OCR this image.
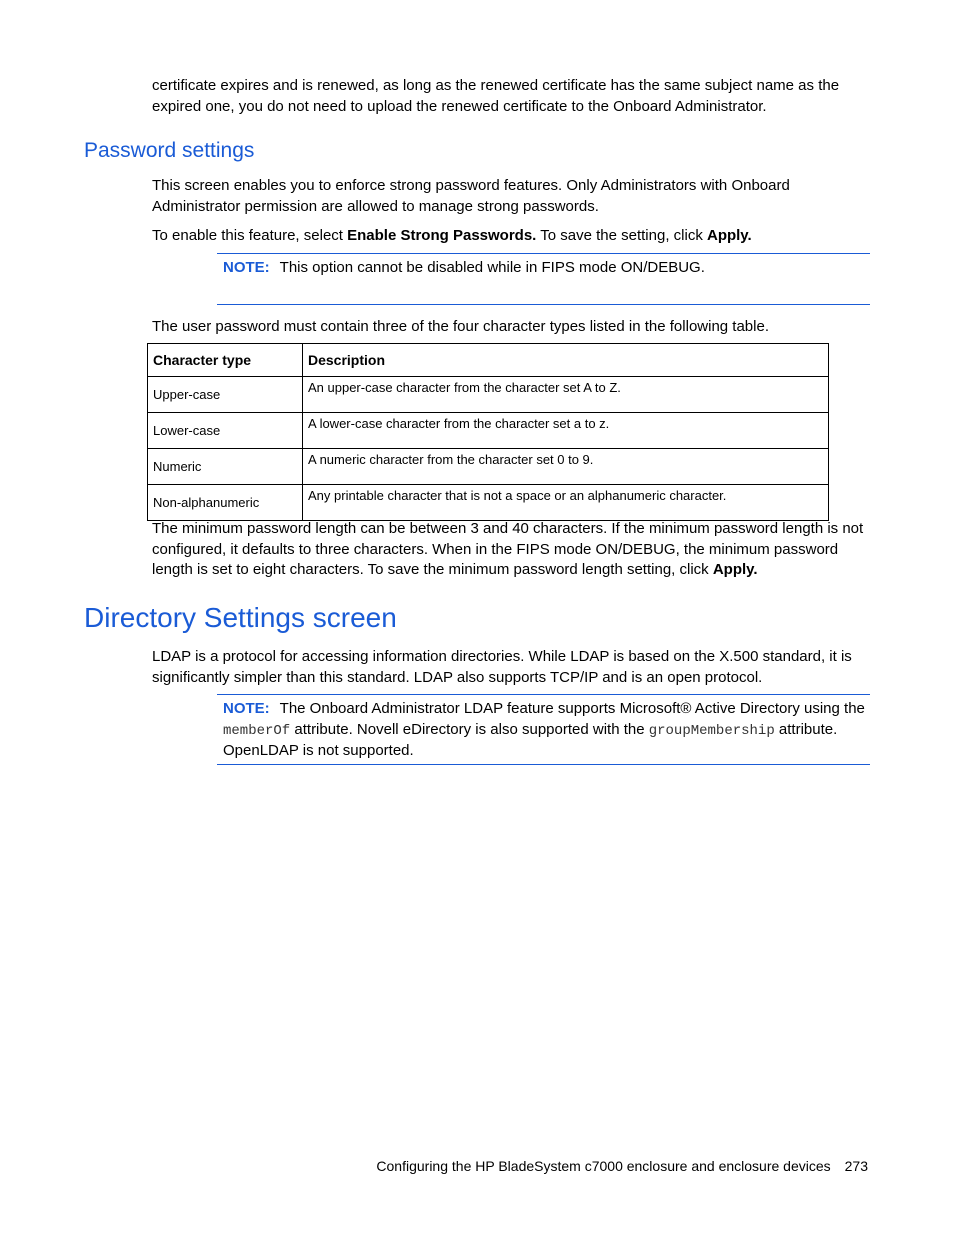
certificate expires and is renewed, as long as the renewed certificate has the same subject name as the expired one, you do not need to upload the renewed certificate to the Onboard Administrator.

Password settings

This screen enables you to enforce strong password features. Only Administrators with Onboard Administrator permission are allowed to manage strong passwords.

To enable this feature, select Enable Strong Passwords. To save the setting, click Apply.

NOTE: This option cannot be disabled while in FIPS mode ON/DEBUG.

The user password must contain three of the four character types listed in the following table.

Character type	Description
Upper-case	An upper-case character from the character set A to Z.
Lower-case	A lower-case character from the character set a to z.
Numeric	A numeric character from the character set 0 to 9.
Non-alphanumeric	Any printable character that is not a space or an alphanumeric character.

The minimum password length can be between 3 and 40 characters. If the minimum password length is not configured, it defaults to three characters. When in the FIPS mode ON/DEBUG, the minimum password length is set to eight characters. To save the minimum password length setting, click Apply.

Directory Settings screen

LDAP is a protocol for accessing information directories. While LDAP is based on the X.500 standard, it is significantly simpler than this standard. LDAP also supports TCP/IP and is an open protocol.

NOTE: The Onboard Administrator LDAP feature supports Microsoft® Active Directory using the memberOf attribute. Novell eDirectory is also supported with the groupMembership attribute. OpenLDAP is not supported.

Configuring the HP BladeSystem c7000 enclosure and enclosure devices 273
